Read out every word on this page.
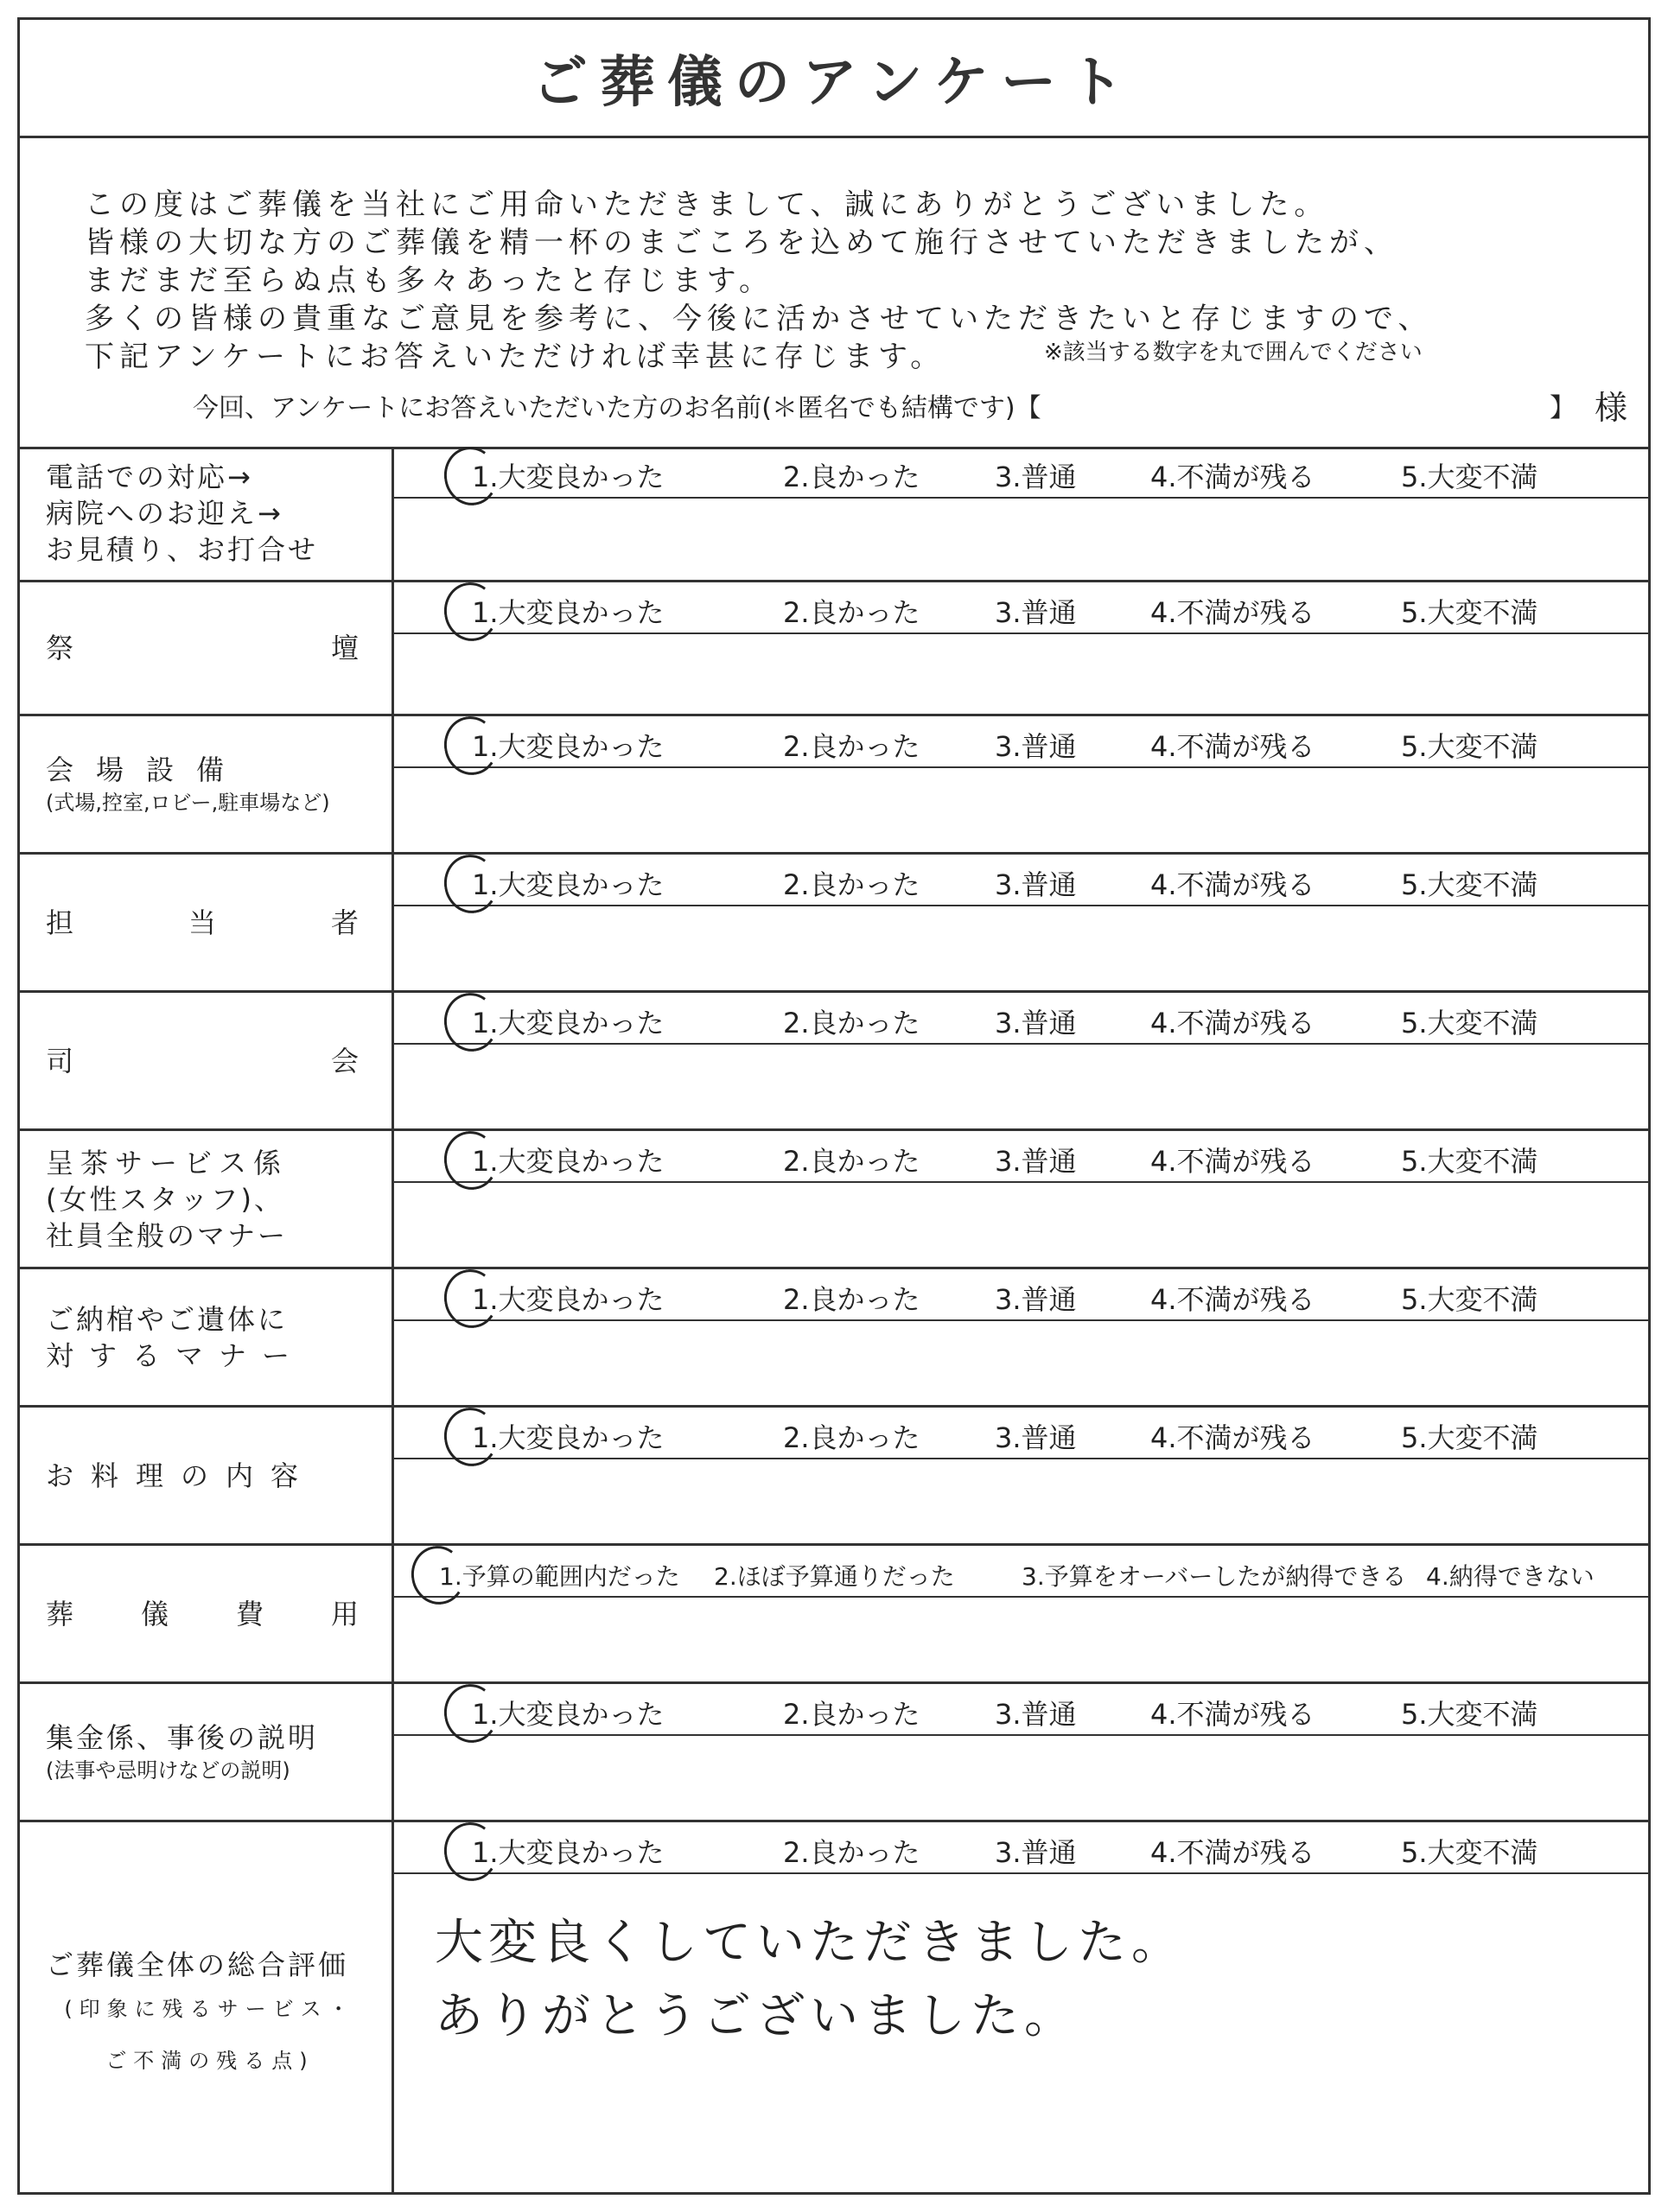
ご葬儀のアンケート
この度はご葬儀を当社にご用命いただきまして、誠にありがとうございました。
皆様の大切な方のご葬儀を精一杯のまごころを込めて施行させていただきましたが、
まだまだ至らぬ点も多々あったと存じます。
多くの皆様の貴重なご意見を参考に、今後に活かさせていただきたいと存じますので、
下記アンケートにお答えいただければ幸甚に存じます。	※該当する数字を丸で囲んでください
今回、アンケートにお答えいただいた方のお名前(＊匿名でも結構です)【	】 様
電話での対応→
病院へのお迎え→
お見積り、お打合せ
1.大変良かった	2.良かった	3.普通	4.不満が残る	5.大変不満
祭	壇
1.大変良かった	2.良かった	3.普通	4.不満が残る	5.大変不満
会場設備
(式場,控室,ロビー,駐車場など)
1.大変良かった	2.良かった	3.普通	4.不満が残る	5.大変不満
担	当	者
1.大変良かった	2.良かった	3.普通	4.不満が残る	5.大変不満
司	会
1.大変良かった	2.良かった	3.普通	4.不満が残る	5.大変不満
呈茶サービス係
(女性スタッフ)、
社員全般のマナー
1.大変良かった	2.良かった	3.普通	4.不満が残る	5.大変不満
ご納棺やご遺体に
対するマナー
1.大変良かった	2.良かった	3.普通	4.不満が残る	5.大変不満
お料理の内容
1.大変良かった	2.良かった	3.普通	4.不満が残る	5.大変不満
葬 儀 費 用
1.予算の範囲内だった 2.ほぼ予算通りだった	3.予算をオーバーしたが納得できる 4.納得できない
集金係、事後の説明
(法事や忌明けなどの説明)
1.大変良かった	2.良かった	3.普通	4.不満が残る	5.大変不満
ご葬儀全体の総合評価
(印象に残るサービス・
ご不満の残る点)
1.大変良かった	2.良かった	3.普通	4.不満が残る	5.大変不満
大変良くしていただきました。
ありがとうございました。
